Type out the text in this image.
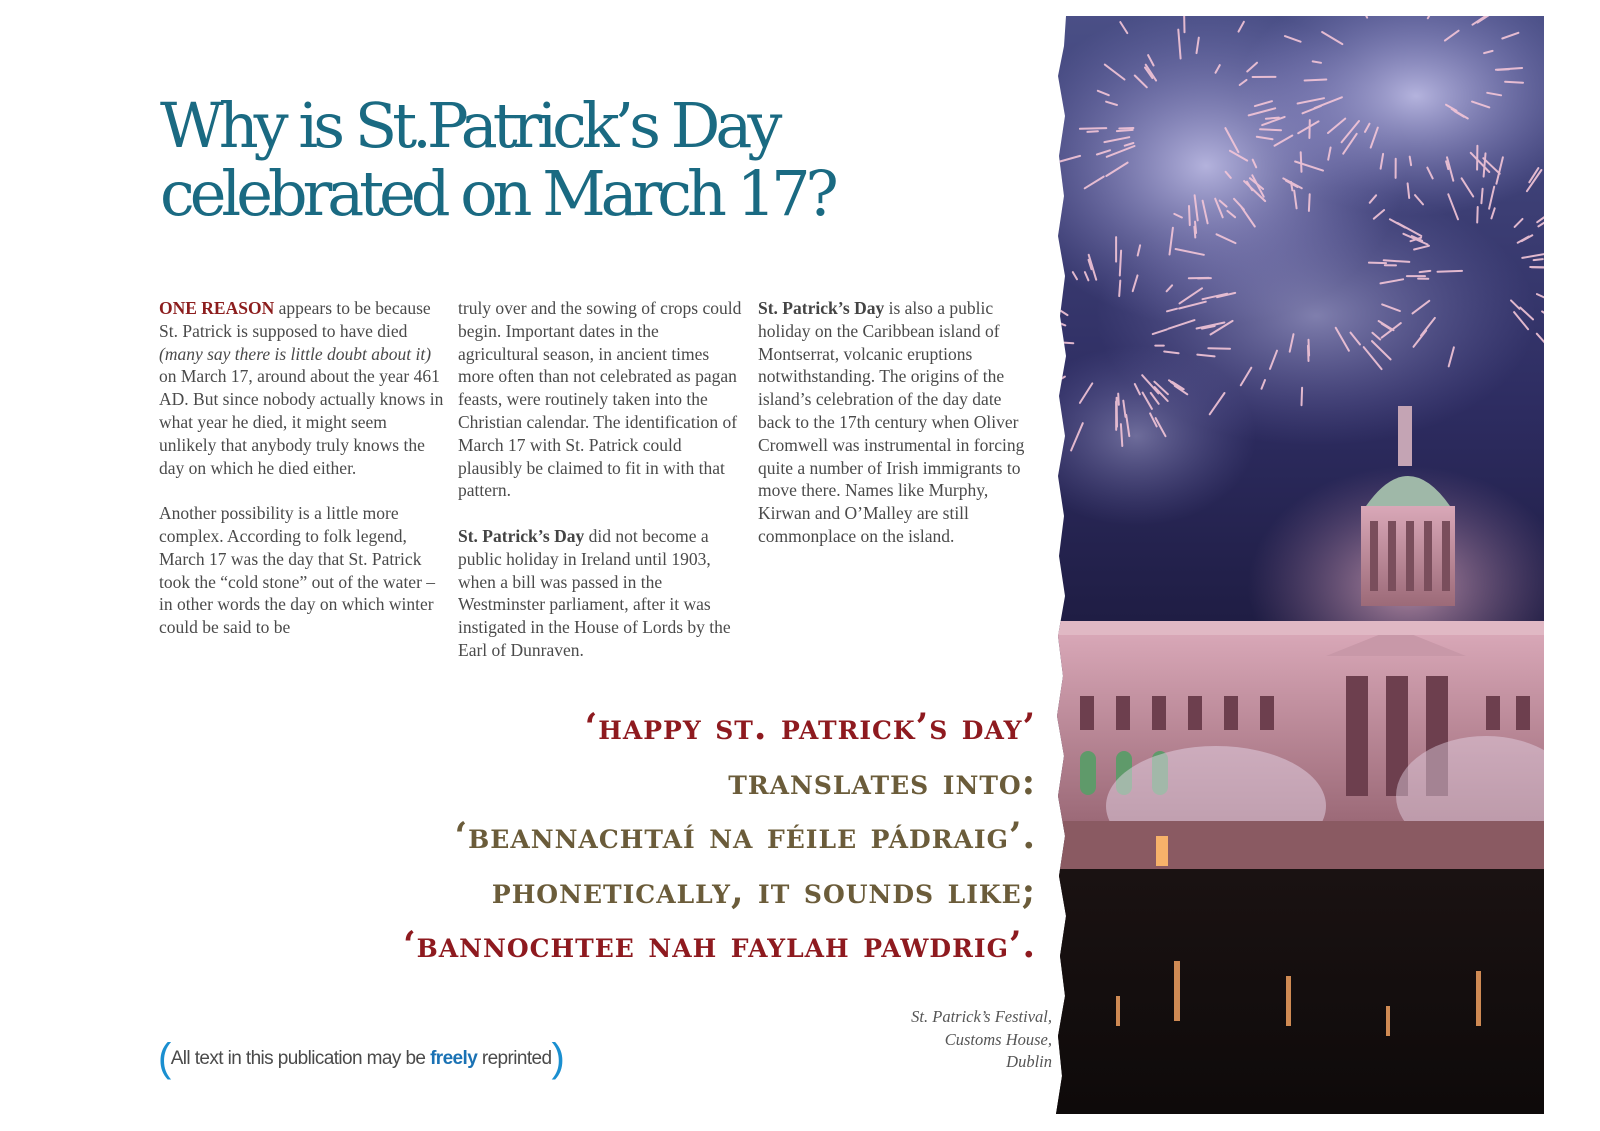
Why is St.Patrick’s Day
celebrated on March 17?

ONE REASON appears to be because St. Patrick is supposed to have died (many say there is little doubt about it) on March 17, around about the year 461 AD. But since nobody actually knows in what year he died, it might seem unlikely that anybody truly knows the day on which he died either.

Another possibility is a little more complex. According to folk legend, March 17 was the day that St. Patrick took the “cold stone” out of the water – in other words the day on which winter could be said to be

truly over and the sowing of crops could begin. Important dates in the agricultural season, in ancient times more often than not celebrated as pagan feasts, were routinely taken into the Christian calendar. The identification of March 17 with St. Patrick could plausibly be claimed to fit in with that pattern.

St. Patrick’s Day did not become a public holiday in Ireland until 1903, when a bill was passed in the Westminster parliament, after it was instigated in the House of Lords by the Earl of Dunraven.

St. Patrick’s Day is also a public holiday on the Caribbean island of Montserrat, volcanic eruptions notwithstanding. The origins of the island’s celebration of the day date back to the 17th century when Oliver Cromwell was instrumental in forcing quite a number of Irish immigrants to move there. Names like Murphy, Kirwan and O’Malley are still commonplace on the island.

‘happy st. patrick’s day’
translates into:
‘beannachtaí na féile pádraig’.
phonetically, it sounds like;
‘bannochtee nah faylah pawdrig’.
St. Patrick’s Festival,
Customs House,
Dublin
(All text in this publication may be freely reprinted)
